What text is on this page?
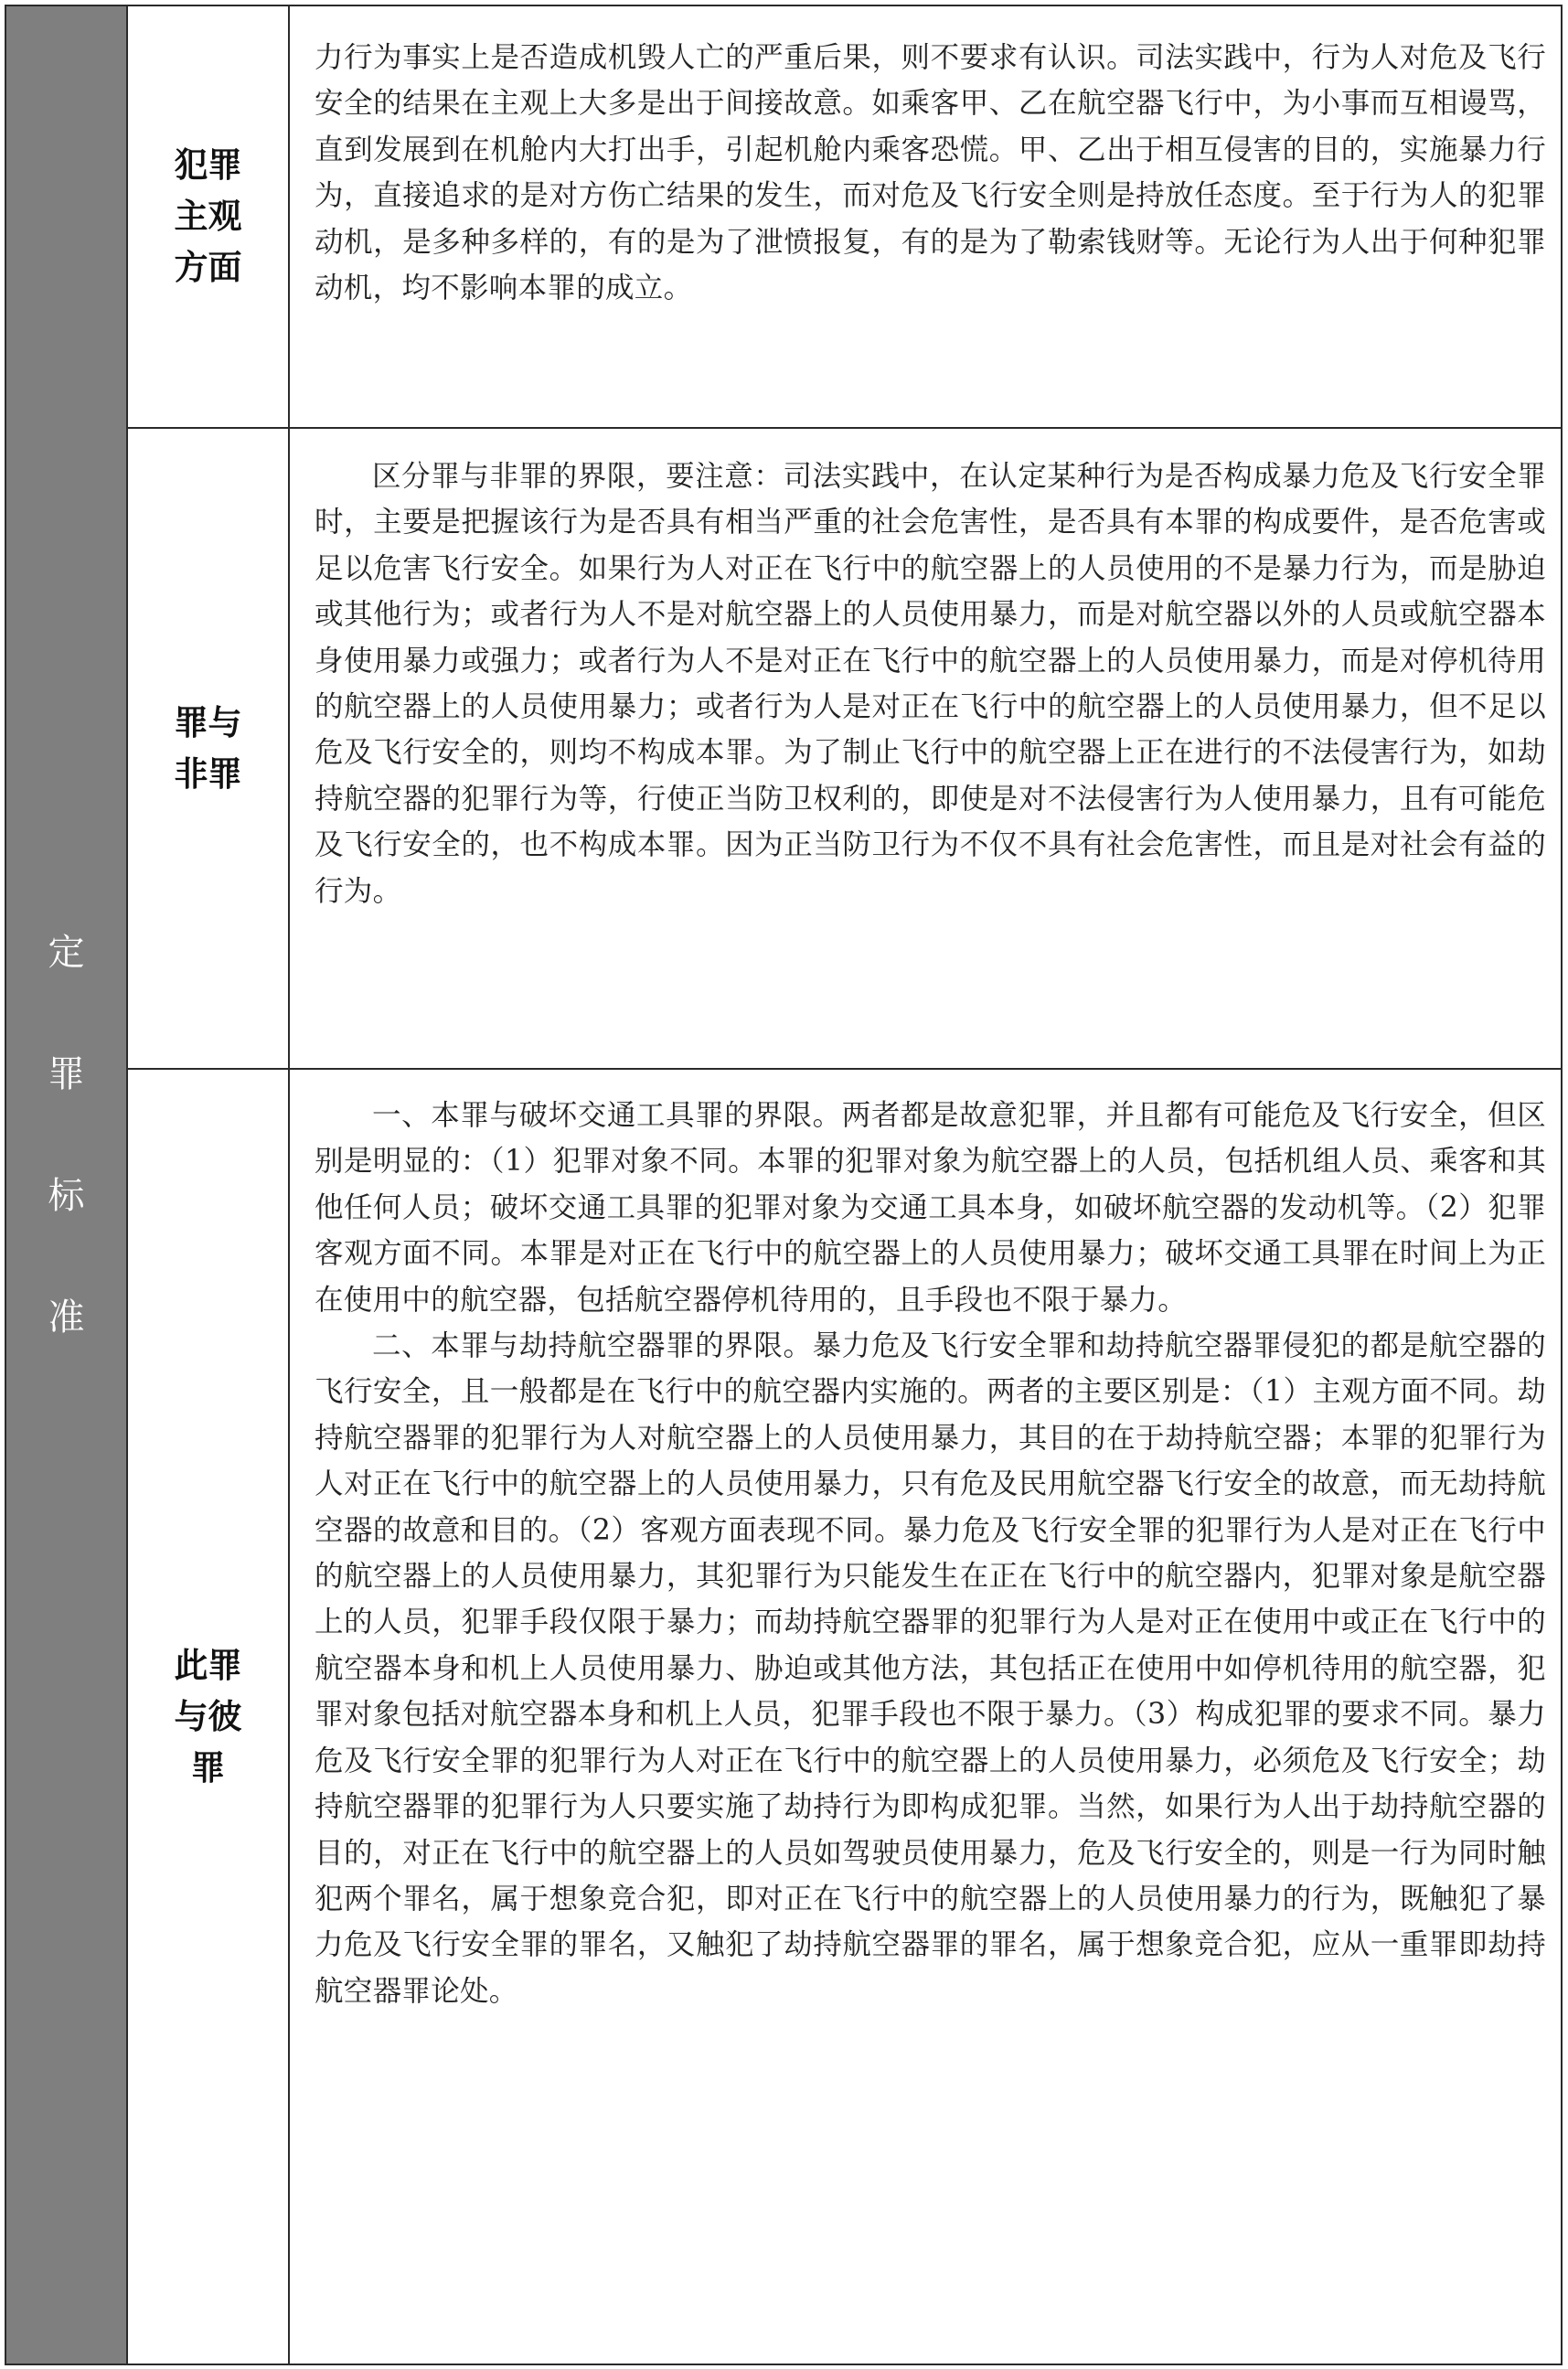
定
罪
标
准
犯罪主观方面

力行为事实上是否造成机毁人亡的严重后果，则不要求有认识。司法实践中，行为人对危及飞行安全的结果在主观上大多是出于间接故意。如乘客甲、乙在航空器飞行中，为小事而互相谩骂，直到发展到在机舱内大打出手，引起机舱内乘客恐慌。甲、乙出于相互侵害的目的，实施暴力行为，直接追求的是对方伤亡结果的发生，而对危及飞行安全则是持放任态度。至于行为人的犯罪动机，是多种多样的，有的是为了泄愤报复，有的是为了勒索钱财等。无论行为人出于何种犯罪动机，均不影响本罪的成立。

罪与非罪

区分罪与非罪的界限，要注意：司法实践中，在认定某种行为是否构成暴力危及飞行安全罪时，主要是把握该行为是否具有相当严重的社会危害性，是否具有本罪的构成要件，是否危害或足以危害飞行安全。如果行为人对正在飞行中的航空器上的人员使用的不是暴力行为，而是胁迫或其他行为；或者行为人不是对航空器上的人员使用暴力，而是对航空器以外的人员或航空器本身使用暴力或强力；或者行为人不是对正在飞行中的航空器上的人员使用暴力，而是对停机待用的航空器上的人员使用暴力；或者行为人是对正在飞行中的航空器上的人员使用暴力，但不足以危及飞行安全的，则均不构成本罪。为了制止飞行中的航空器上正在进行的不法侵害行为，如劫持航空器的犯罪行为等，行使正当防卫权利的，即使是对不法侵害行为人使用暴力，且有可能危及飞行安全的，也不构成本罪。因为正当防卫行为不仅不具有社会危害性，而且是对社会有益的行为。

此罪与彼罪

一、本罪与破坏交通工具罪的界限。两者都是故意犯罪，并且都有可能危及飞行安全，但区别是明显的：（1）犯罪对象不同。本罪的犯罪对象为航空器上的人员，包括机组人员、乘客和其他任何人员；破坏交通工具罪的犯罪对象为交通工具本身，如破坏航空器的发动机等。（2）犯罪客观方面不同。本罪是对正在飞行中的航空器上的人员使用暴力；破坏交通工具罪在时间上为正在使用中的航空器，包括航空器停机待用的，且手段也不限于暴力。

二、本罪与劫持航空器罪的界限。暴力危及飞行安全罪和劫持航空器罪侵犯的都是航空器的飞行安全，且一般都是在飞行中的航空器内实施的。两者的主要区别是：（1）主观方面不同。劫持航空器罪的犯罪行为人对航空器上的人员使用暴力，其目的在于劫持航空器；本罪的犯罪行为人对正在飞行中的航空器上的人员使用暴力，只有危及民用航空器飞行安全的故意，而无劫持航空器的故意和目的。（2）客观方面表现不同。暴力危及飞行安全罪的犯罪行为人是对正在飞行中的航空器上的人员使用暴力，其犯罪行为只能发生在正在飞行中的航空器内，犯罪对象是航空器上的人员，犯罪手段仅限于暴力；而劫持航空器罪的犯罪行为人是对正在使用中或正在飞行中的航空器本身和机上人员使用暴力、胁迫或其他方法，其包括正在使用中如停机待用的航空器，犯罪对象包括对航空器本身和机上人员，犯罪手段也不限于暴力。（3）构成犯罪的要求不同。暴力危及飞行安全罪的犯罪行为人对正在飞行中的航空器上的人员使用暴力，必须危及飞行安全；劫持航空器罪的犯罪行为人只要实施了劫持行为即构成犯罪。当然，如果行为人出于劫持航空器的目的，对正在飞行中的航空器上的人员如驾驶员使用暴力，危及飞行安全的，则是一行为同时触犯两个罪名，属于想象竞合犯，即对正在飞行中的航空器上的人员使用暴力的行为，既触犯了暴力危及飞行安全罪的罪名，又触犯了劫持航空器罪的罪名，属于想象竞合犯，应从一重罪即劫持航空器罪论处。
